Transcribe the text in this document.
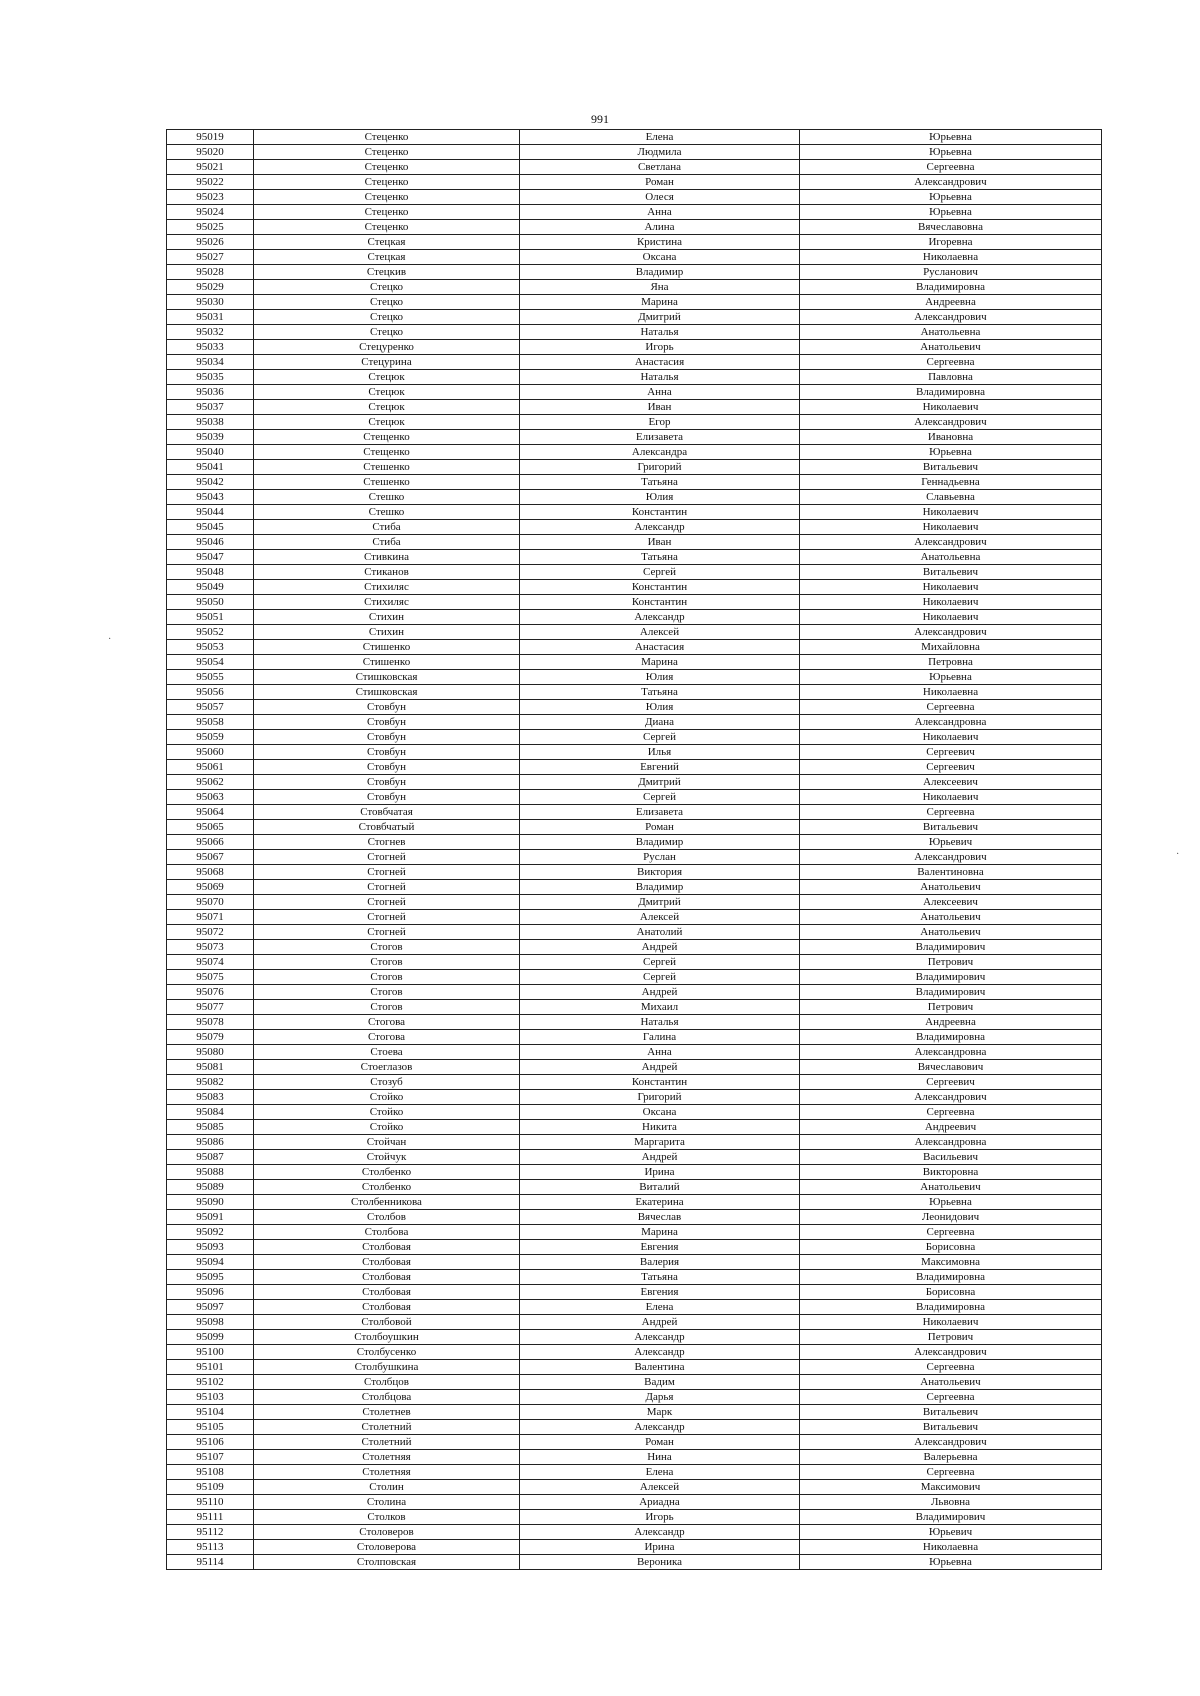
991
·
·
95019	Стеценко	Елена	Юрьевна
95020	Стеценко	Людмила	Юрьевна
95021	Стеценко	Светлана	Сергеевна
95022	Стеценко	Роман	Александрович
95023	Стеценко	Олеся	Юрьевна
95024	Стеценко	Анна	Юрьевна
95025	Стеценко	Алина	Вячеславовна
95026	Стецкая	Кристина	Игоревна
95027	Стецкая	Оксана	Николаевна
95028	Стецкив	Владимир	Русланович
95029	Стецко	Яна	Владимировна
95030	Стецко	Марина	Андреевна
95031	Стецко	Дмитрий	Александрович
95032	Стецко	Наталья	Анатольевна
95033	Стецуренко	Игорь	Анатольевич
95034	Стецурина	Анастасия	Сергеевна
95035	Стецюк	Наталья	Павловна
95036	Стецюк	Анна	Владимировна
95037	Стецюк	Иван	Николаевич
95038	Стецюк	Егор	Александрович
95039	Стещенко	Елизавета	Ивановна
95040	Стещенко	Александра	Юрьевна
95041	Стешенко	Григорий	Витальевич
95042	Стешенко	Татьяна	Геннадьевна
95043	Стешко	Юлия	Славьевна
95044	Стешко	Константин	Николаевич
95045	Стиба	Александр	Николаевич
95046	Стиба	Иван	Александрович
95047	Стивкина	Татьяна	Анатольевна
95048	Стиканов	Сергей	Витальевич
95049	Стихиляс	Константин	Николаевич
95050	Стихиляс	Константин	Николаевич
95051	Стихин	Александр	Николаевич
95052	Стихин	Алексей	Александрович
95053	Стишенко	Анастасия	Михайловна
95054	Стишенко	Марина	Петровна
95055	Стишковская	Юлия	Юрьевна
95056	Стишковская	Татьяна	Николаевна
95057	Стовбун	Юлия	Сергеевна
95058	Стовбун	Диана	Александровна
95059	Стовбун	Сергей	Николаевич
95060	Стовбун	Илья	Сергеевич
95061	Стовбун	Евгений	Сергеевич
95062	Стовбун	Дмитрий	Алексеевич
95063	Стовбун	Сергей	Николаевич
95064	Стовбчатая	Елизавета	Сергеевна
95065	Стовбчатый	Роман	Витальевич
95066	Стогнев	Владимир	Юрьевич
95067	Стогней	Руслан	Александрович
95068	Стогней	Виктория	Валентиновна
95069	Стогней	Владимир	Анатольевич
95070	Стогней	Дмитрий	Алексеевич
95071	Стогней	Алексей	Анатольевич
95072	Стогней	Анатолий	Анатольевич
95073	Стогов	Андрей	Владимирович
95074	Стогов	Сергей	Петрович
95075	Стогов	Сергей	Владимирович
95076	Стогов	Андрей	Владимирович
95077	Стогов	Михаил	Петрович
95078	Стогова	Наталья	Андреевна
95079	Стогова	Галина	Владимировна
95080	Стоева	Анна	Александровна
95081	Стоеглазов	Андрей	Вячеславович
95082	Стозуб	Константин	Сергеевич
95083	Стойко	Григорий	Александрович
95084	Стойко	Оксана	Сергеевна
95085	Стойко	Никита	Андреевич
95086	Стойчан	Маргарита	Александровна
95087	Стойчук	Андрей	Васильевич
95088	Столбенко	Ирина	Викторовна
95089	Столбенко	Виталий	Анатольевич
95090	Столбенникова	Екатерина	Юрьевна
95091	Столбов	Вячеслав	Леонидович
95092	Столбова	Марина	Сергеевна
95093	Столбовая	Евгения	Борисовна
95094	Столбовая	Валерия	Максимовна
95095	Столбовая	Татьяна	Владимировна
95096	Столбовая	Евгения	Борисовна
95097	Столбовая	Елена	Владимировна
95098	Столбовой	Андрей	Николаевич
95099	Столбоушкин	Александр	Петрович
95100	Столбусенко	Александр	Александрович
95101	Столбушкина	Валентина	Сергеевна
95102	Столбцов	Вадим	Анатольевич
95103	Столбцова	Дарья	Сергеевна
95104	Столетнев	Марк	Витальевич
95105	Столетний	Александр	Витальевич
95106	Столетний	Роман	Александрович
95107	Столетняя	Нина	Валерьевна
95108	Столетняя	Елена	Сергеевна
95109	Столин	Алексей	Максимович
95110	Столина	Ариадна	Львовна
95111	Столков	Игорь	Владимирович
95112	Столоверов	Александр	Юрьевич
95113	Столоверова	Ирина	Николаевна
95114	Столповская	Вероника	Юрьевна
